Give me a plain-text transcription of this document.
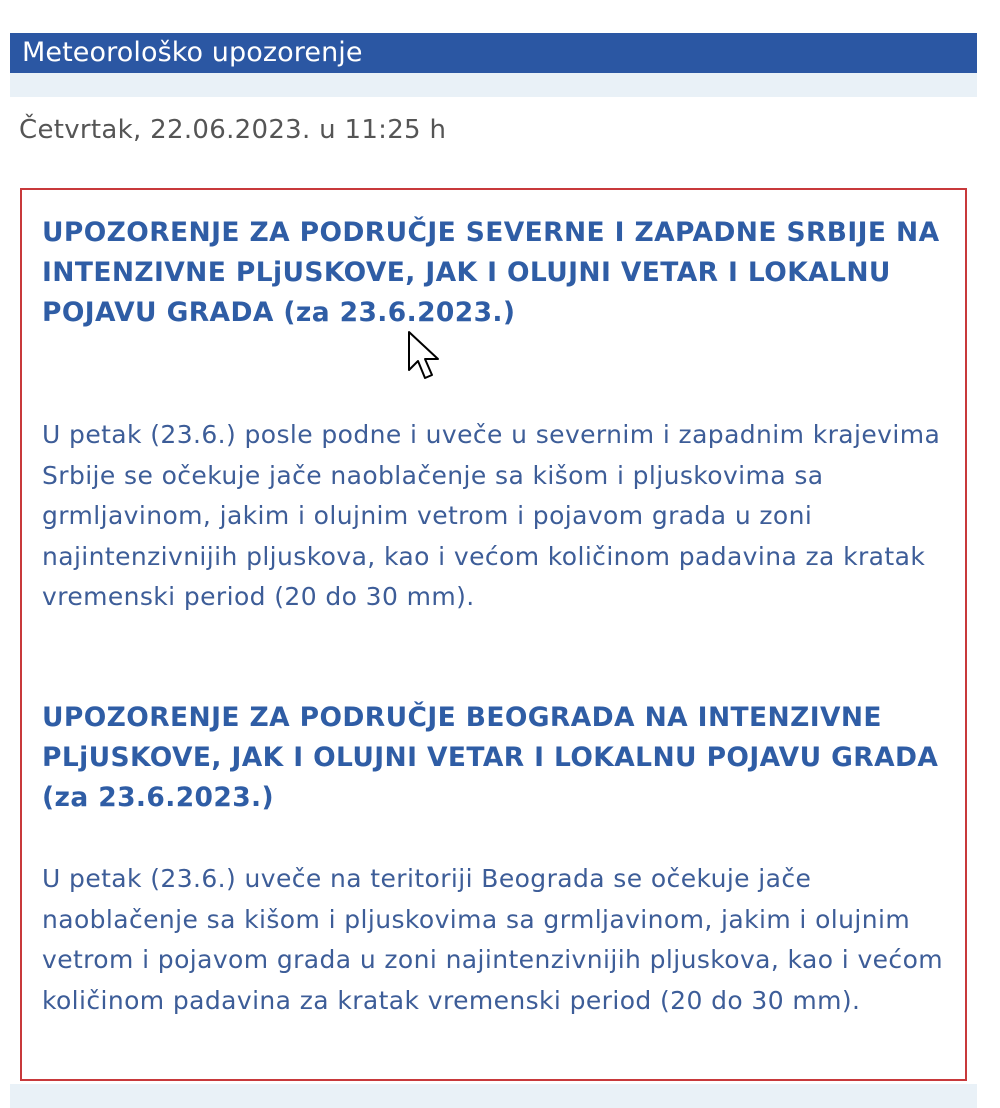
Meteorološko upozorenje
Četvrtak, 22.06.2023. u 11:25 h
UPOZORENJE ZA PODRUČJE SEVERNE I ZAPADNE SRBIJE NA INTENZIVNE PLjUSKOVE, JAK I OLUJNI VETAR I LOKALNU POJAVU GRADA (za 23.6.2023.)

U petak (23.6.) posle podne i uveče u severnim i zapadnim krajevima Srbije se očekuje jače naoblačenje sa kišom i pljuskovima sa grmljavinom, jakim i olujnim vetrom i pojavom grada u zoni najintenzivnijih pljuskova, kao i većom količinom padavina za kratak vremenski period (20 do 30 mm).

UPOZORENJE ZA PODRUČJE BEOGRADA NA INTENZIVNE PLjUSKOVE, JAK I OLUJNI VETAR I LOKALNU POJAVU GRADA (za 23.6.2023.)

U petak (23.6.) uveče na teritoriji Beograda se očekuje jače naoblačenje sa kišom i pljuskovima sa grmljavinom, jakim i olujnim vetrom i pojavom grada u zoni najintenzivnijih pljuskova, kao i većom količinom padavina za kratak vremenski period (20 do 30 mm).
